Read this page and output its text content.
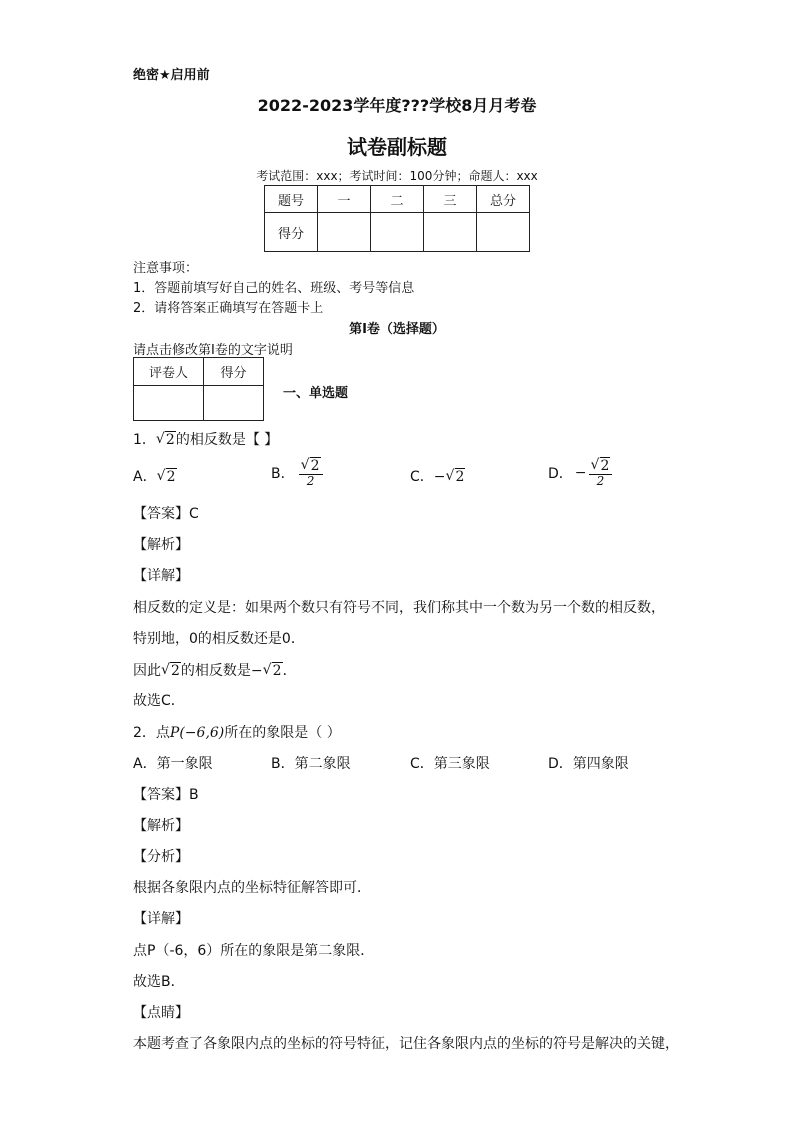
绝密★启用前
2022-2023学年度???学校8月月考卷
试卷副标题
考试范围：xxx；考试时间：100分钟；命题人：xxx
题号	一	二	三	总分
得分				
注意事项：
1．答题前填写好自己的姓名、班级、考号等信息
2．请将答案正确填写在答题卡上
第I卷（选择题）
请点击修改第I卷的文字说明
评卷人	得分

一、单选题
1． √ 2的相反数是【 】
A． √ 2	B． √ $\frac{2}{2}$	C．− √ 2	D． − √ $\frac{2}{2}$
【答案】C
【解析】
【详解】
相反数的定义是：如果两个数只有符号不同，我们称其中一个数为另一个数的相反数，
特别地，0的相反数还是0．
因此 √ 2的相反数是− √ 2．
故选C．
2．点P(−6,6)所在的象限是（ ）
A．第一象限	B．第二象限	C．第三象限	D．第四象限
【答案】B
【解析】
【分析】
根据各象限内点的坐标特征解答即可．
【详解】
点P（-6，6）所在的象限是第二象限．
故选B．
【点睛】
本题考查了各象限内点的坐标的符号特征，记住各象限内点的坐标的符号是解决的关键，
